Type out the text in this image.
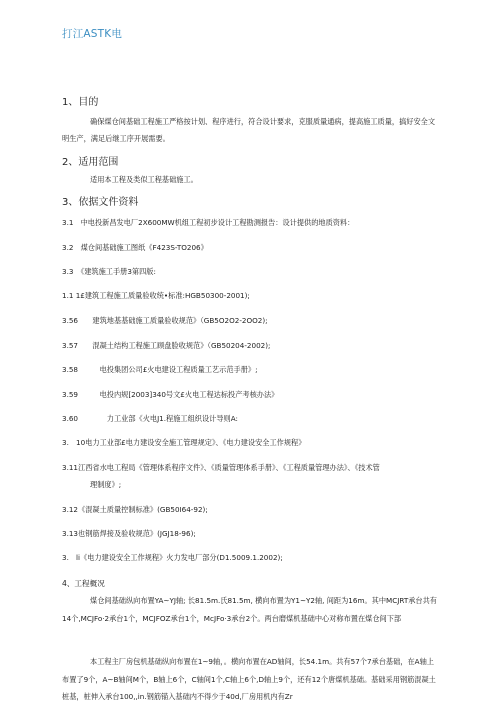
打江ASTK电
1、目的
确保煤仓间基础工程施工严格按计划、程序进行，符合设计要求，克服质量通病，提高施工质量，搞好安全文明生产，满足后继工序开展需要。
2、适用范围
适用本工程及类似工程基础施工。
3、依据文件资料
3.1　中电投新昌发电厂2X600MW机组工程初步设计工程勘测报告：设计提供的地质资料：
3.2　煤仓间基础施工图纸《F423S-TO206》
3.3　《建筑施工手册3第四版:
1.1 1£建筑工程施工质量验收统•标准:HGB50300-2001);
3.56　　建筑地基基础施工质量验收规范》（GB5O2O2-2OO2);
3.57　　混凝土结构工程施工顾盘脸收规范》（GB50204-2002);
3.58　　　电投集团公司£火电建设工程质量工艺示范手册》;
3.59　　　电投内规[2003]340号文£火电工程达标投产考核办法》
3.60　　　　力工业部《火电J1.程施工组织设计导则A:
3.　10电力工业部£电力建设安全施工管理规定》、《电力建设安全工作规程》
3.11江西省水电工程局《管理体系程序文件》、《质量管理体系手册》、《工程质量管理办法》、《技术管
理制度》;
3.12《混凝土质量控制标准》(GB50I64-92);
3.13也钢筋焊接及验收规范》(JGJ18-96);
3.　li《电力建设安全工作规程》火力发电厂部分(D1.5009.1.2002);
4、工程概况
煤仓间基础纵向布置YA~YJ轴; 长81.5m.氏81.5m, 横向布置为Y1~Y2轴, 间距为16m。其中MCJRT承台共有14个,MCJFo·2承台1个，MCJFOZ承台1个，McJFo·3承台2个。两台磨煤机基础中心对称布置在煤仓间下部
本工程主厂房包机基础纵向布置在1~9轴，。横向布置在AD轴间，长54.1m。共有57个7承台基础，在A轴上布置了9个，A~B轴间M个，B轴上6个，C轴间1个,C轴上6个,D轴上9个，还有12个唐煤机基础。基础采用钢筋混凝土桩基，桩伸入承台100,,in.钢筋锚入基础内不得少于40d,厂房用机内有Zr
